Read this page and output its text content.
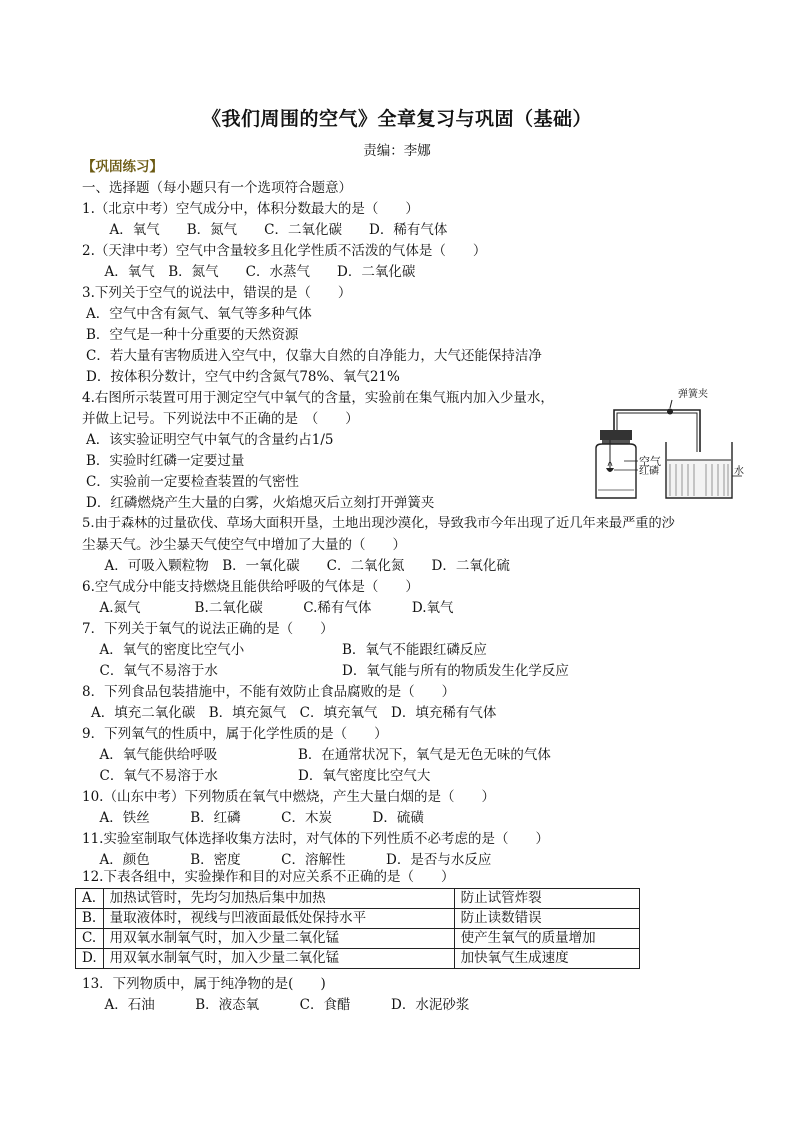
《我们周围的空气》全章复习与巩固（基础）
责编：李娜
【巩固练习】
一、选择题（每小题只有一个选项符合题意）
1.（北京中考）空气成分中，体积分数最大的是（　　）
　A．氧气　　B．氮气　　C．二氧化碳　　D．稀有气体
2.（天津中考）空气中含量较多且化学性质不活泼的气体是（　　）
　A．氧气　B．氮气　　C．水蒸气　　D．二氧化碳
3.下列关于空气的说法中，错误的是（　　）
A．空气中含有氮气、氧气等多种气体
B．空气是一种十分重要的天然资源
C．若大量有害物质进入空气中，仅靠大自然的自净能力，大气还能保持洁净
D．按体积分数计，空气中约含氮气78%、氧气21%
4.右图所示装置可用于测定空气中氧气的含量，实验前在集气瓶内加入少量水，
并做上记号。下列说法中不正确的是　（　　）
A．该实验证明空气中氧气的含量约占1/5
B．实验时红磷一定要过量
C．实验前一定要检查装置的气密性
D．红磷燃烧产生大量的白雾，火焰熄灭后立刻打开弹簧夹
5.由于森林的过量砍伐、草场大面积开垦，土地出现沙漠化，导致我市今年出现了近几年来最严重的沙
尘暴天气。沙尘暴天气使空气中增加了大量的（　　）
　A．可吸入颗粒物　B．一氧化碳　　C．二氧化氮　　D．二氧化硫
6.空气成分中能支持燃烧且能供给呼吸的气体是（　　）
　A.氮气　　　　B.二氧化碳　　　C.稀有气体　　　D.氧气
7．下列关于氧气的说法正确的是（　　）
　A．氧气的密度比空气小	B．氧气不能跟红磷反应
　C．氧气不易溶于水	D．氧气能与所有的物质发生化学反应
8．下列食品包装措施中，不能有效防止食品腐败的是（　　）
A．填充二氧化碳　B．填充氮气　C．填充氧气　D．填充稀有气体
9．下列氧气的性质中，属于化学性质的是（　　）
　A．氧气能供给呼吸	B．在通常状况下，氧气是无色无味的气体
　C．氧气不易溶于水	D．氧气密度比空气大
10.（山东中考）下列物质在氧气中燃烧，产生大量白烟的是（　　）
　A．铁丝　　　B．红磷　　　C．木炭　　　D．硫磺
11.实验室制取气体选择收集方法时，对气体的下列性质不必考虑的是（　　）
　A．颜色　　　B．密度　　　C．溶解性　　　D．是否与水反应
12.下表各组中，实验操作和目的对应关系不正确的是（　　）
A.	加热试管时，先均匀加热后集中加热	防止试管炸裂
B.	量取液体时，视线与凹液面最低处保持水平	防止读数错误
C.	用双氧水制氧气时，加入少量二氧化锰	使产生氧气的质量增加
D.	用双氧水制氧气时，加入少量二氧化锰	加快氧气生成速度
13．下列物质中，属于纯净物的是(　　)
　A．石油　　　B．液态氧　　　C．食醋　　　D．水泥砂浆
弹簧夹
空气
红磷	水
